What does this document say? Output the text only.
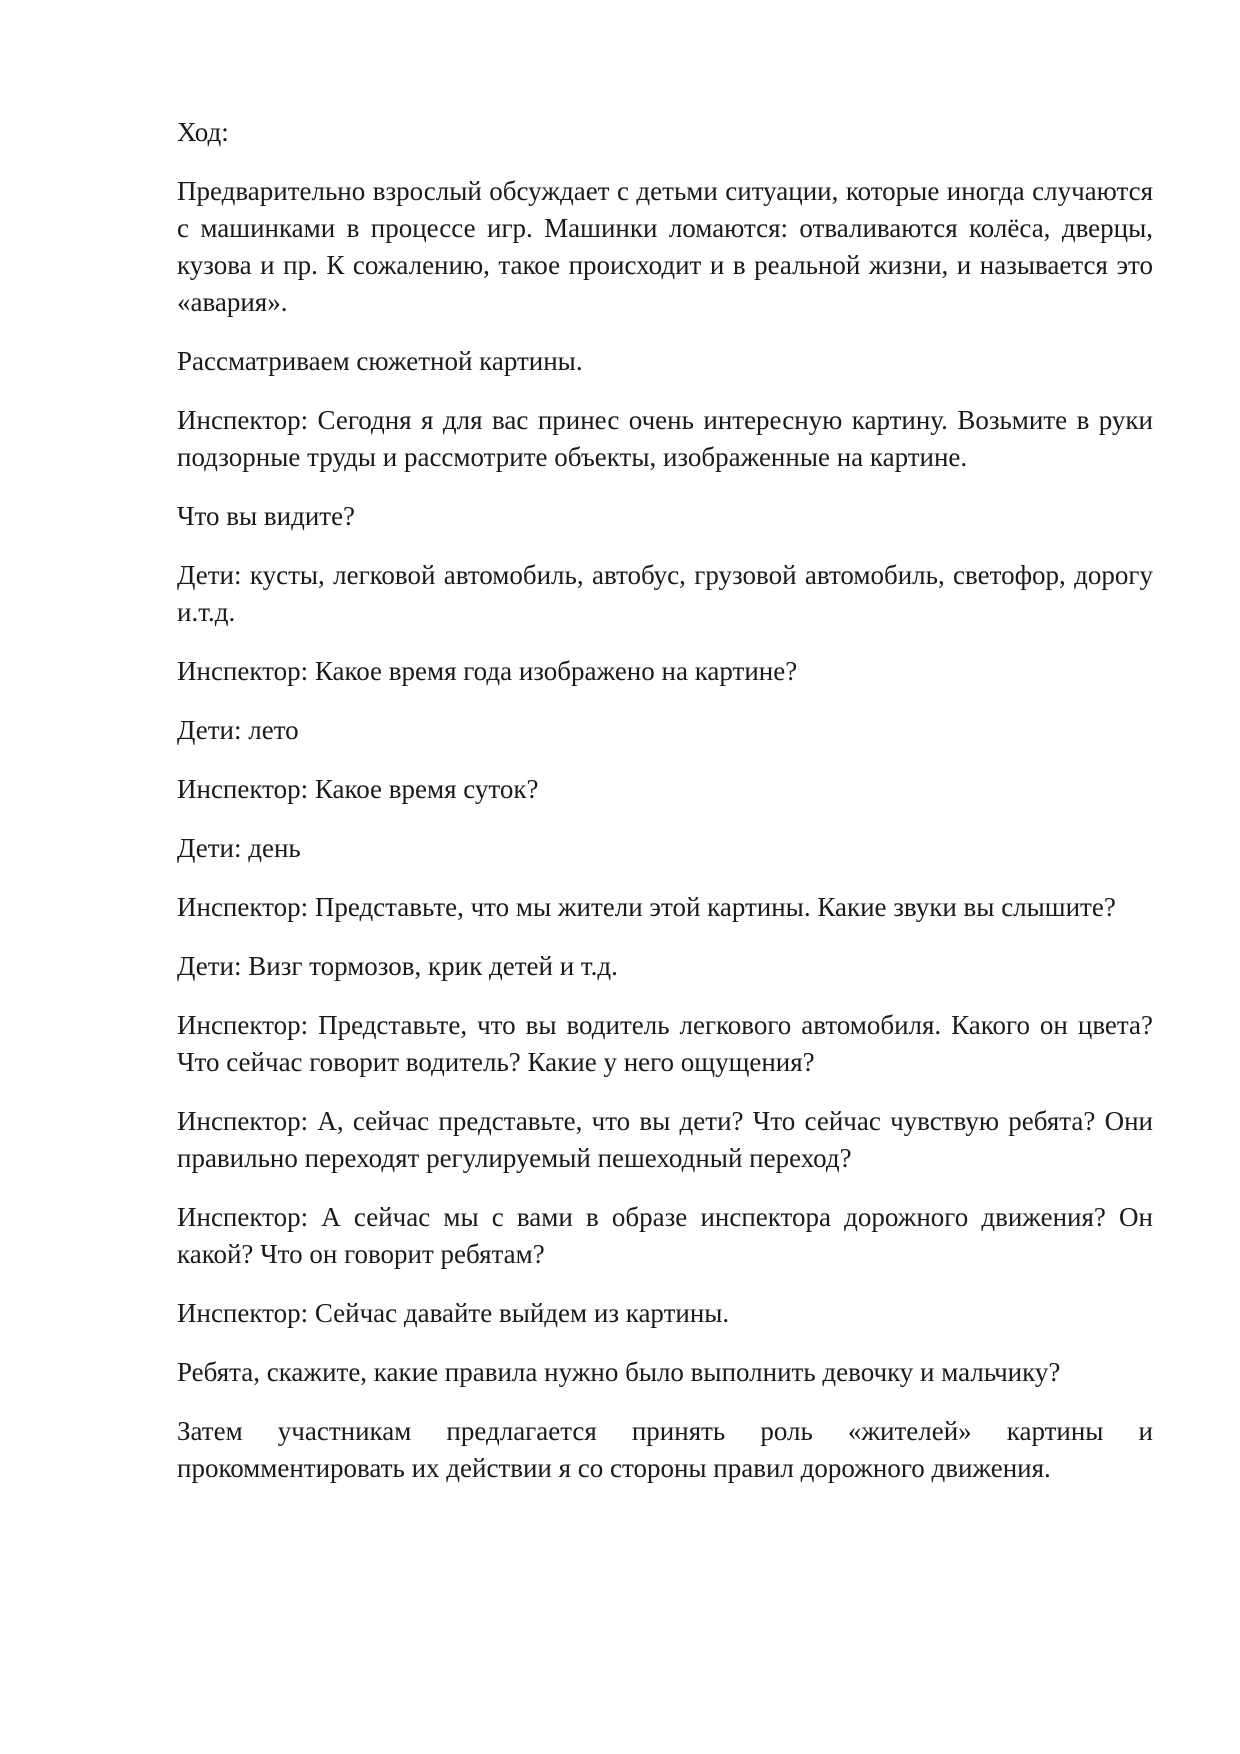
Ход:

Предварительно взрослый обсуждает с детьми ситуации, которые иногда случаются с машинками в процессе игр. Машинки ломаются: отваливаются колёса, дверцы, кузова и пр. К сожалению, такое происходит и в реальной жизни, и называется это «авария».

Рассматриваем сюжетной картины.

Инспектор: Сегодня я для вас принес очень интересную картину. Возьмите в руки подзорные труды и рассмотрите объекты, изображенные на картине.

Что вы видите?

Дети: кусты, легковой автомобиль, автобус, грузовой автомобиль, светофор, дорогу и.т.д.

Инспектор: Какое время года изображено на картине?

Дети: лето

Инспектор: Какое время суток?

Дети: день

Инспектор: Представьте, что мы жители этой картины. Какие звуки вы слышите?

Дети: Визг тормозов, крик детей и т.д.

Инспектор: Представьте, что вы водитель легкового автомобиля. Какого он цвета? Что сейчас говорит водитель? Какие у него ощущения?

Инспектор: А, сейчас представьте, что вы дети? Что сейчас чувствую ребята? Они правильно переходят регулируемый пешеходный переход?

Инспектор: А сейчас мы с вами в образе инспектора дорожного движения? Он какой? Что он говорит ребятам?

Инспектор: Сейчас давайте выйдем из картины.

Ребята, скажите, какие правила нужно было выполнить девочку и мальчику?

Затем участникам предлагается принять роль «жителей» картины и прокомментировать их действии я со стороны правил дорожного движения.
